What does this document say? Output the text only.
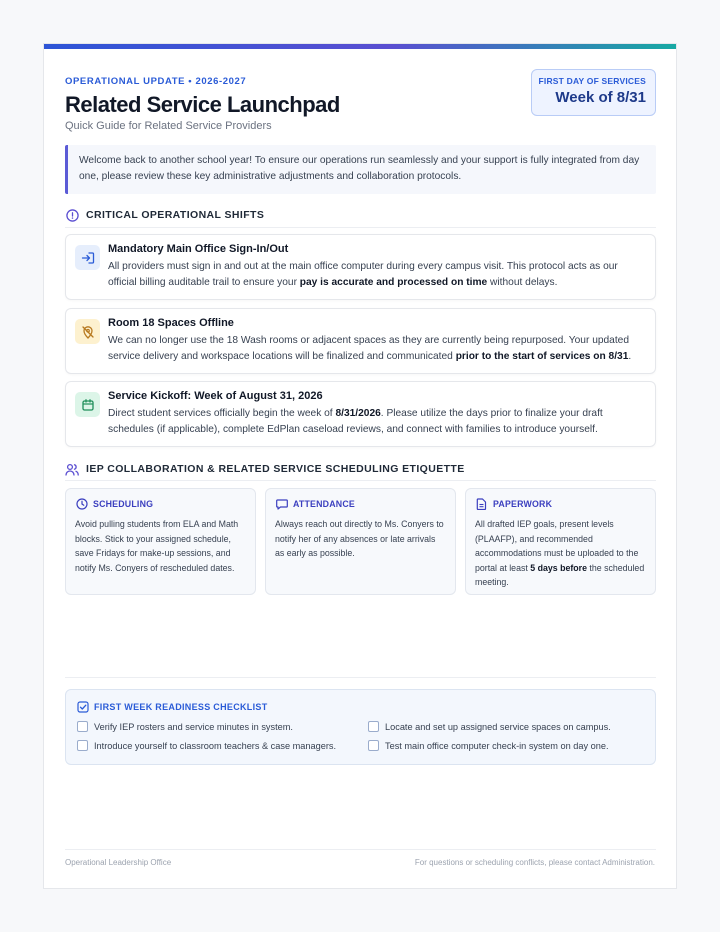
OPERATIONAL UPDATE • 2026-2027
Related Service Launchpad
Quick Guide for Related Service Providers
FIRST DAY OF SERVICES
Week of 8/31
Welcome back to another school year! To ensure our operations run seamlessly and your support is fully integrated from day one, please review these key administrative adjustments and collaboration protocols.
CRITICAL OPERATIONAL SHIFTS
Mandatory Main Office Sign-In/Out
All providers must sign in and out at the main office computer during every campus visit. This protocol acts as our official billing auditable trail to ensure your pay is accurate and processed on time without delays.
Room 18 Spaces Offline
We can no longer use the 18 Wash rooms or adjacent spaces as they are currently being repurposed. Your updated service delivery and workspace locations will be finalized and communicated prior to the start of services on 8/31.
Service Kickoff: Week of August 31, 2026
Direct student services officially begin the week of 8/31/2026. Please utilize the days prior to finalize your draft schedules (if applicable), complete EdPlan caseload reviews, and connect with families to introduce yourself.
IEP COLLABORATION & RELATED SERVICE SCHEDULING ETIQUETTE
SCHEDULING
Avoid pulling students from ELA and Math blocks. Stick to your assigned schedule, save Fridays for make-up sessions, and notify Ms. Conyers of rescheduled dates.
ATTENDANCE
Always reach out directly to Ms. Conyers to notify her of any absences or late arrivals as early as possible.
PAPERWORK
All drafted IEP goals, present levels (PLAAFP), and recommended accommodations must be uploaded to the portal at least 5 days before the scheduled meeting.
FIRST WEEK READINESS CHECKLIST
Verify IEP rosters and service minutes in system.	Locate and set up assigned service spaces on campus.
Introduce yourself to classroom teachers & case managers.	Test main office computer check-in system on day one.
Operational Leadership Office	For questions or scheduling conflicts, please contact Administration.
